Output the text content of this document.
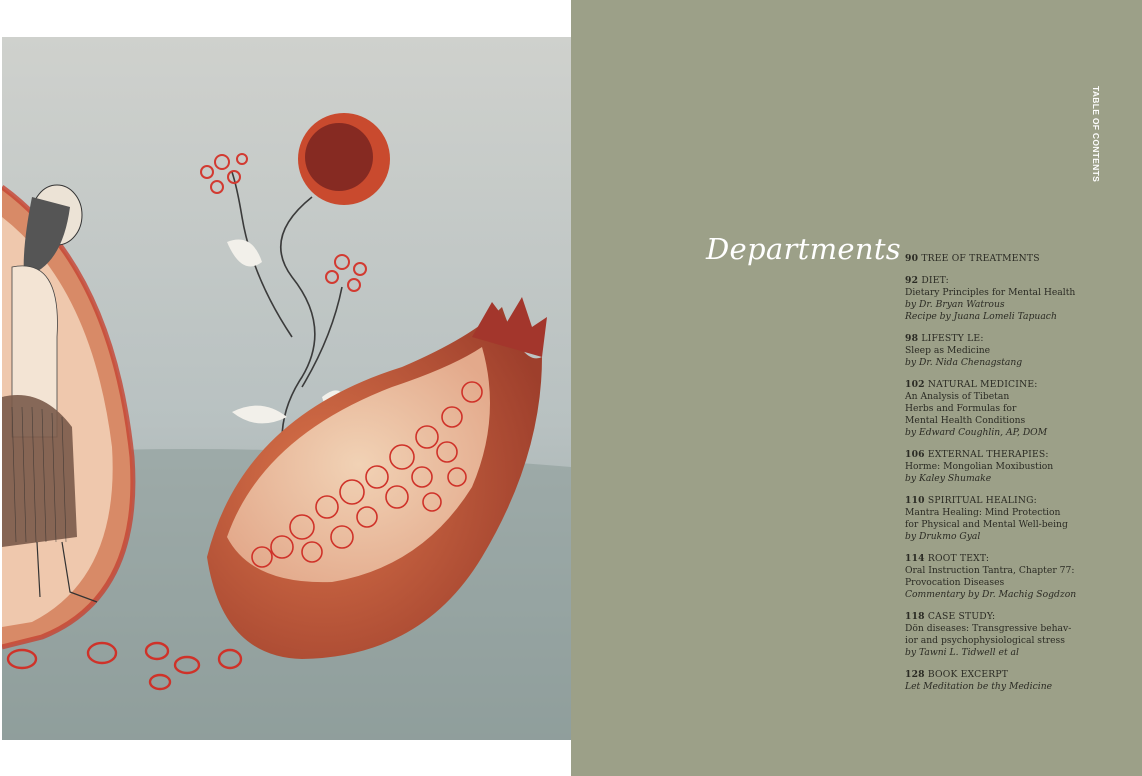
Departments
TABLE OF CONTENTS
90 TREE OF TREATMENTS
92 DIET:
Dietary Principles for Mental Health
by Dr. Bryan Watrous
Recipe by Juana Lomeli Tapuach
98 LIFESTY LE:
Sleep as Medicine
by Dr. Nida Chenagstang
102 NATURAL MEDICINE:
An Analysis of Tibetan
Herbs and Formulas for
Mental Health Conditions
by Edward Coughlin, AP, DOM
106 EXTERNAL THERAPIES:
Horme: Mongolian Moxibustion
by Kaley Shumake
110 SPIRITUAL HEALING:
Mantra Healing: Mind Protection
for Physical and Mental Well-being
by Drukmo Gyal
114 ROOT TEXT:
Oral Instruction Tantra, Chapter 77:
Provocation Diseases
Commentary by Dr. Machig Sogdzon
118 CASE STUDY:
Dön diseases: Transgressive behav-
ior and psychophysiological stress
by Tawni L. Tidwell et al
128 BOOK EXCERPT
Let Meditation be thy Medicine
